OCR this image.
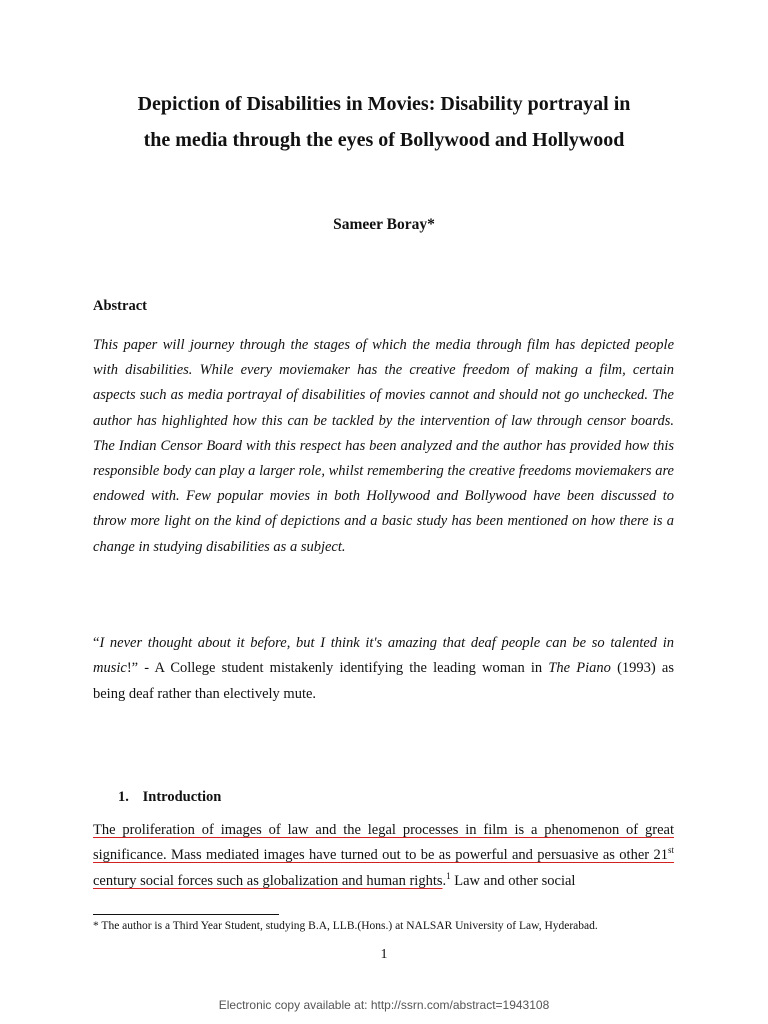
Depiction of Disabilities in Movies: Disability portrayal in
the media through the eyes of Bollywood and Hollywood
Sameer Boray*
Abstract
This paper will journey through the stages of which the media through film has depicted people with disabilities. While every moviemaker has the creative freedom of making a film, certain aspects such as media portrayal of disabilities of movies cannot and should not go unchecked. The author has highlighted how this can be tackled by the intervention of law through censor boards. The Indian Censor Board with this respect has been analyzed and the author has provided how this responsible body can play a larger role, whilst remembering the creative freedoms moviemakers are endowed with. Few popular movies in both Hollywood and Bollywood have been discussed to throw more light on the kind of depictions and a basic study has been mentioned on how there is a change in studying disabilities as a subject.
“I never thought about it before, but I think it's amazing that deaf people can be so talented in music!” - A College student mistakenly identifying the leading woman in The Piano (1993) as being deaf rather than electively mute.
1. Introduction
The proliferation of images of law and the legal processes in film is a phenomenon of great significance. Mass mediated images have turned out to be as powerful and persuasive as other 21st century social forces such as globalization and human rights.$^1$ Law and other social
* The author is a Third Year Student, studying B.A, LLB.(Hons.) at NALSAR University of Law, Hyderabad.
1
Electronic copy available at: http://ssrn.com/abstract=1943108
